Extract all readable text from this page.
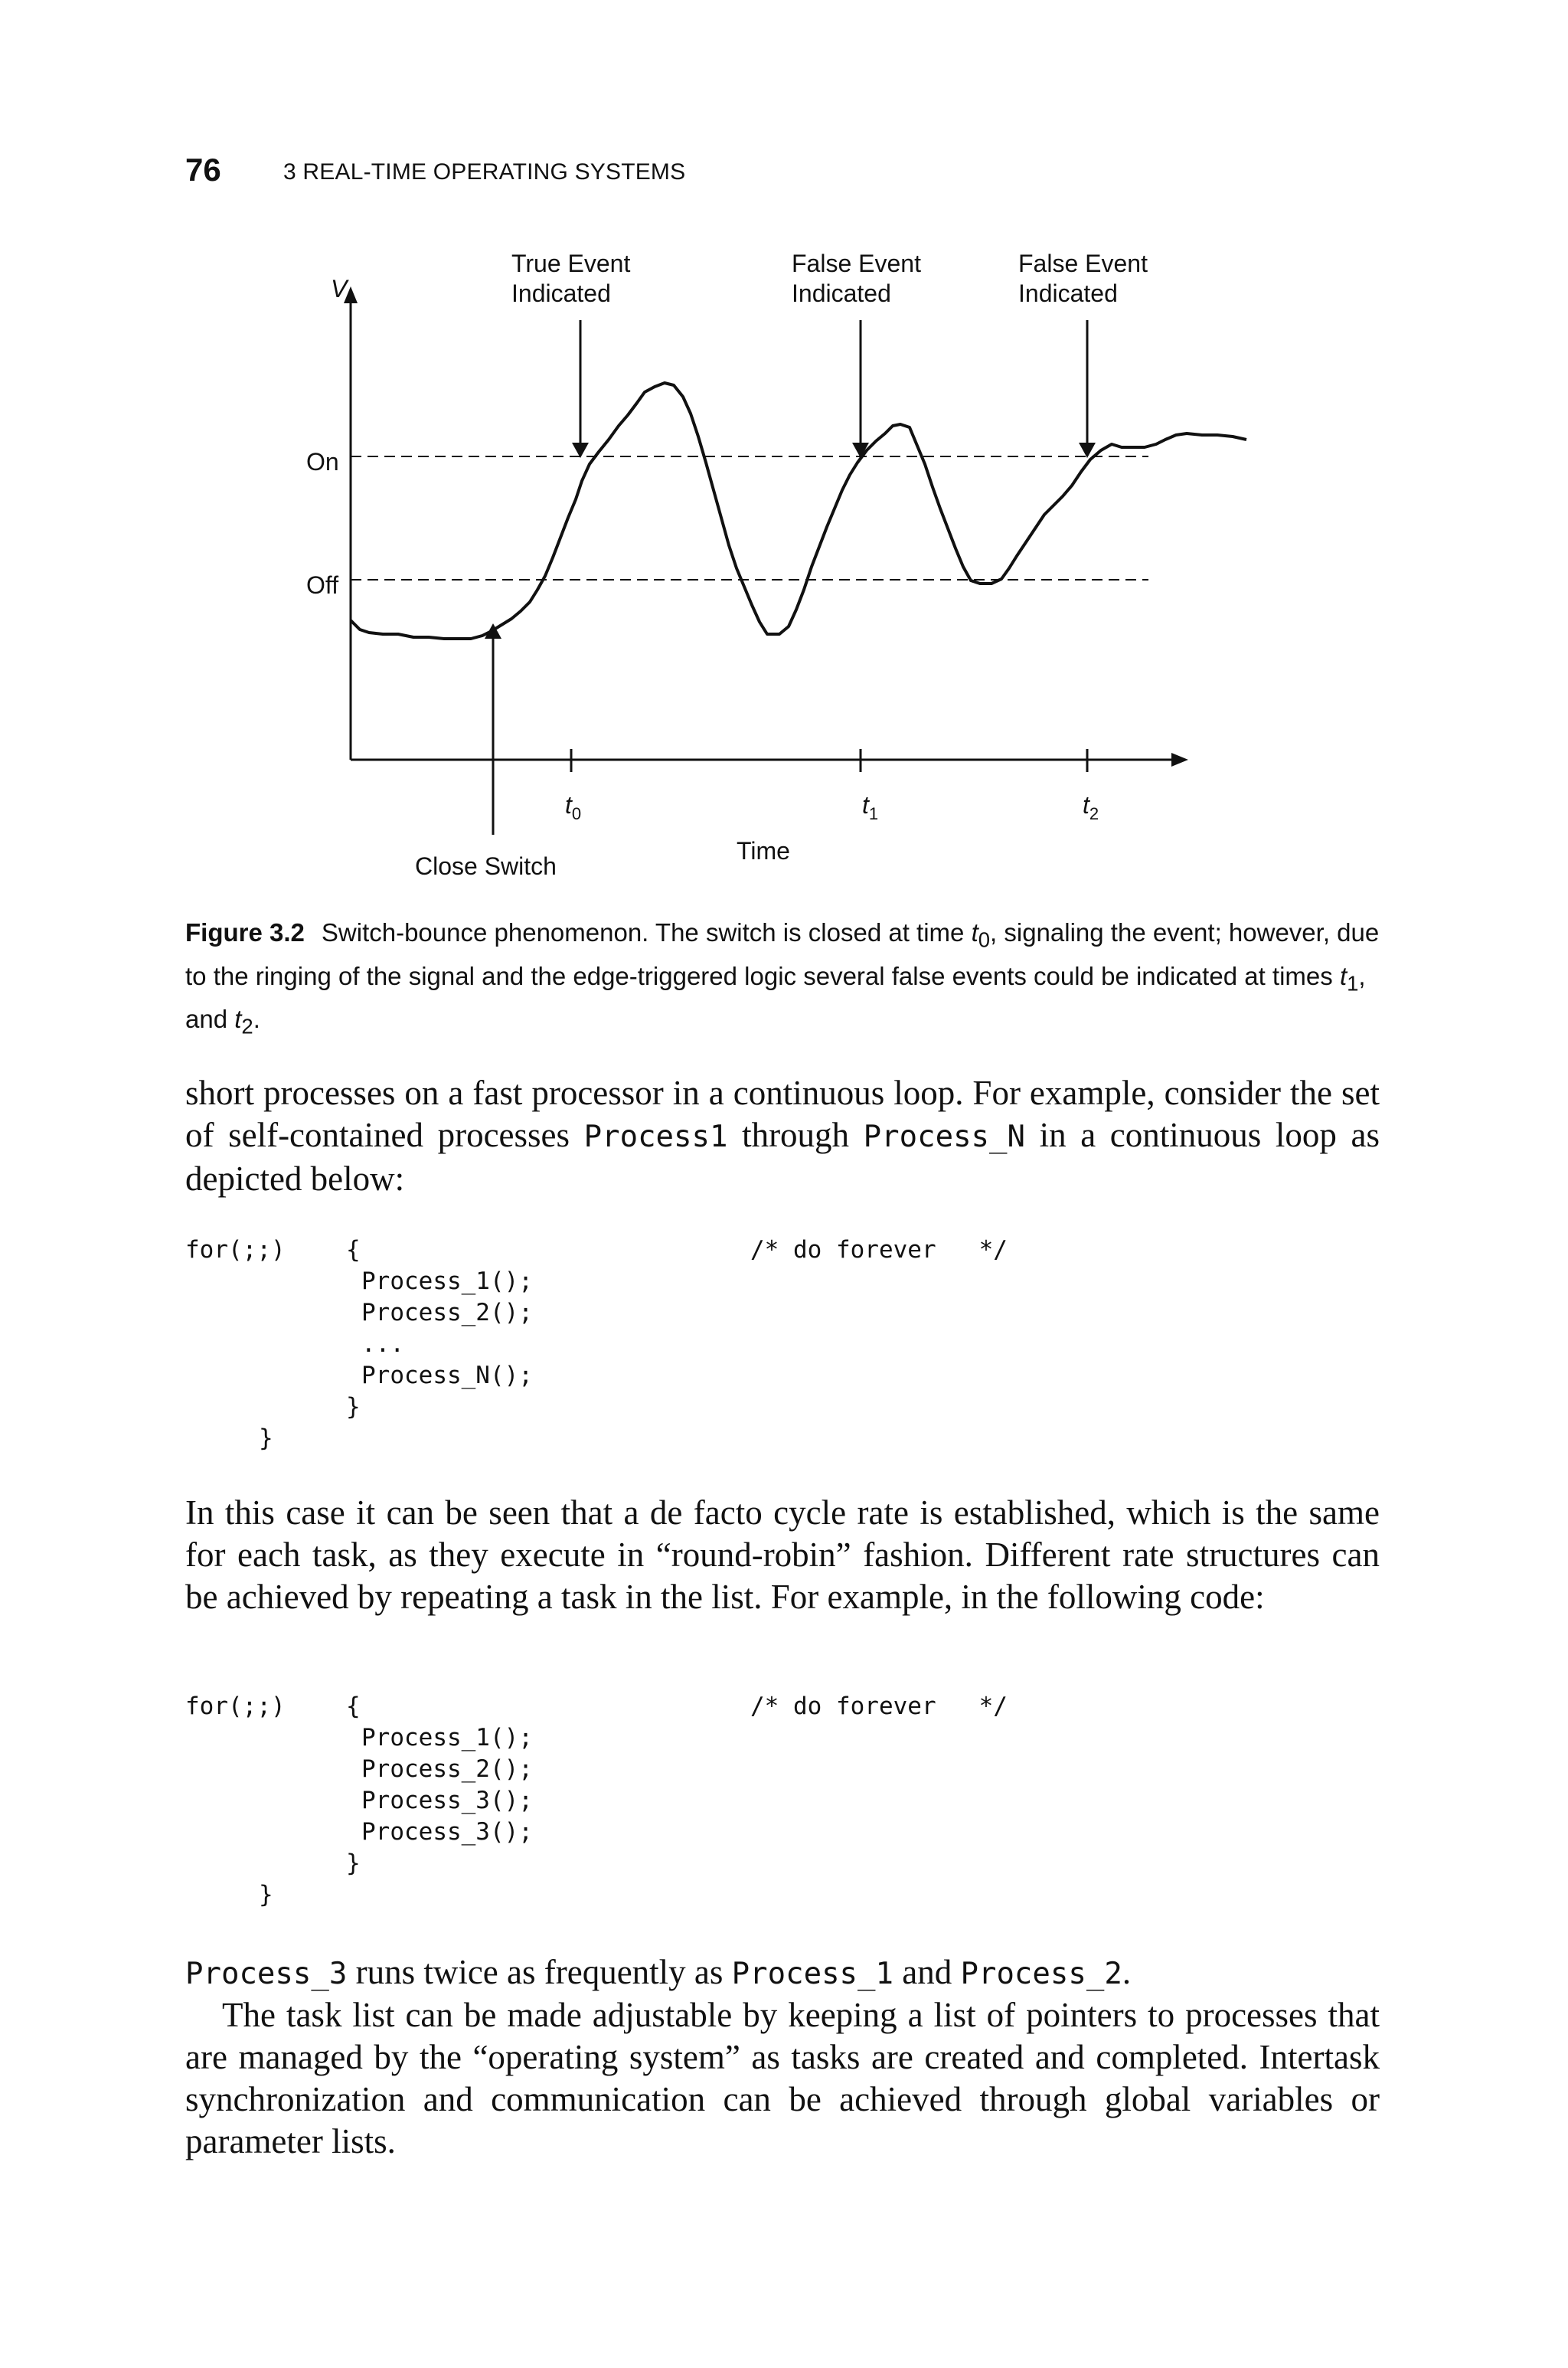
76	3 REAL-TIME OPERATING SYSTEMS
V
Time
On
Off
True Event
Indicated
False Event
Indicated
False Event
Indicated
Close Switch
$t_0$	$t_1$	$t_2$
Figure 3.2 Switch-bounce phenomenon. The switch is closed at time $t_0$, signaling the event; however, due to the ringing of the signal and the edge-triggered logic several false events could be indicated at times $t_1$, and $t_2$.
short processes on a fast processor in a continuous loop. For example, consider the set of self-contained processes Process1 through Process_N in a continuous loop as depicted below:
for(;;)	{	/* do forever   */
Process_1();
Process_2();
...
Process_N();
}
}
In this case it can be seen that a de facto cycle rate is established, which is the same for each task, as they execute in “round-robin” fashion. Different rate structures can be achieved by repeating a task in the list. For example, in the following code:
for(;;)	{	/* do forever   */
Process_1();
Process_2();
Process_3();
Process_3();
}
}
Process_3 runs twice as frequently as Process_1 and Process_2.
The task list can be made adjustable by keeping a list of pointers to processes that are managed by the “operating system” as tasks are created and completed. Intertask synchronization and communication can be achieved through global variables or parameter lists.
